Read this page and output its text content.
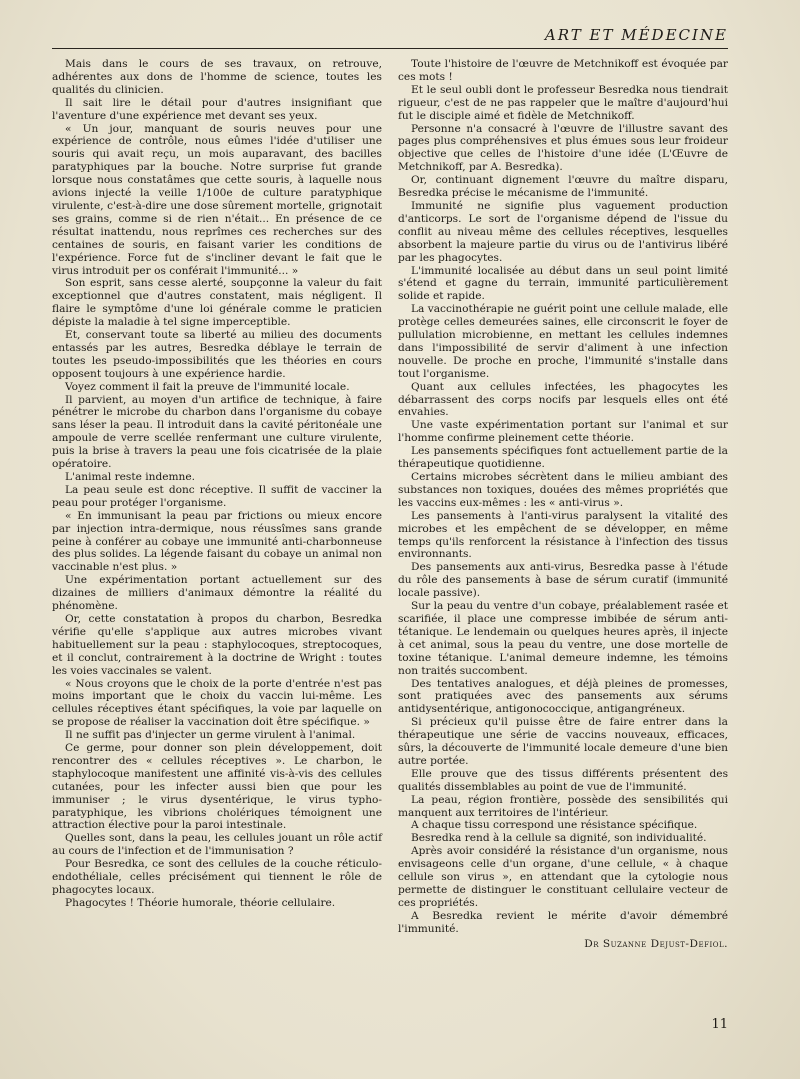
ART ET MÉDECINE

Mais dans le cours de ses travaux, on retrouve, adhérentes aux dons de l'homme de science, toutes les qualités du clinicien.

Il sait lire le détail pour d'autres insignifiant que l'aventure d'une expérience met devant ses yeux.

« Un jour, manquant de souris neuves pour une expérience de contrôle, nous eûmes l'idée d'utiliser une souris qui avait reçu, un mois auparavant, des bacilles paratyphiques par la bouche. Notre surprise fut grande lorsque nous constatâmes que cette souris, à laquelle nous avions injecté la veille 1/100e de culture paratyphique virulente, c'est-à-dire une dose sûrement mortelle, grignotait ses grains, comme si de rien n'était... En présence de ce résultat inattendu, nous reprîmes ces recherches sur des centaines de souris, en faisant varier les conditions de l'expérience. Force fut de s'incliner devant le fait que le virus introduit per os conférait l'immunité... »

Son esprit, sans cesse alerté, soupçonne la valeur du fait exceptionnel que d'autres constatent, mais négligent. Il flaire le symptôme d'une loi générale comme le praticien dépiste la maladie à tel signe imperceptible.

Et, conservant toute sa liberté au milieu des documents entassés par les autres, Besredka déblaye le terrain de toutes les pseudo-impossibilités que les théories en cours opposent toujours à une expérience hardie.

Voyez comment il fait la preuve de l'immunité locale.

Il parvient, au moyen d'un artifice de technique, à faire pénétrer le microbe du charbon dans l'organisme du cobaye sans léser la peau. Il introduit dans la cavité péritonéale une ampoule de verre scellée renfermant une culture virulente, puis la brise à travers la peau une fois cicatrisée de la plaie opératoire.

L'animal reste indemne.

La peau seule est donc réceptive. Il suffit de vacciner la peau pour protéger l'organisme.

« En immunisant la peau par frictions ou mieux encore par injection intra-dermique, nous réussîmes sans grande peine à conférer au cobaye une immunité anti-charbonneuse des plus solides. La légende faisant du cobaye un animal non vaccinable n'est plus. »

Une expérimentation portant actuellement sur des dizaines de milliers d'animaux démontre la réalité du phénomène.

Or, cette constatation à propos du charbon, Besredka vérifie qu'elle s'applique aux autres microbes vivant habituellement sur la peau : staphylocoques, streptocoques, et il conclut, contrairement à la doctrine de Wright : toutes les voies vaccinales se valent.

« Nous croyons que le choix de la porte d'entrée n'est pas moins important que le choix du vaccin lui-même. Les cellules réceptives étant spécifiques, la voie par laquelle on se propose de réaliser la vaccination doit être spécifique. »

Il ne suffit pas d'injecter un germe virulent à l'animal.

Ce germe, pour donner son plein développement, doit rencontrer des « cellules réceptives ». Le charbon, le staphylocoque manifestent une affinité vis-à-vis des cellules cutanées, pour les infecter aussi bien que pour les immuniser ; le virus dysentérique, le virus typho-paratyphique, les vibrions cholériques témoignent une attraction élective pour la paroi intestinale.

Quelles sont, dans la peau, les cellules jouant un rôle actif au cours de l'infection et de l'immunisation ?

Pour Besredka, ce sont des cellules de la couche réticulo-endothéliale, celles précisément qui tiennent le rôle de phagocytes locaux.

Phagocytes ! Théorie humorale, théorie cellulaire.

Toute l'histoire de l'œuvre de Metchnikoff est évoquée par ces mots !

Et le seul oubli dont le professeur Besredka nous tiendrait rigueur, c'est de ne pas rappeler que le maître d'aujourd'hui fut le disciple aimé et fidèle de Metchnikoff.

Personne n'a consacré à l'œuvre de l'illustre savant des pages plus compréhensives et plus émues sous leur froideur objective que celles de l'histoire d'une idée (L'Œuvre de Metchnikoff, par A. Besredka).

Or, continuant dignement l'œuvre du maître disparu, Besredka précise le mécanisme de l'immunité.

Immunité ne signifie plus vaguement production d'anticorps. Le sort de l'organisme dépend de l'issue du conflit au niveau même des cellules réceptives, lesquelles absorbent la majeure partie du virus ou de l'antivirus libéré par les phagocytes.

L'immunité localisée au début dans un seul point limité s'étend et gagne du terrain, immunité particulièrement solide et rapide.

La vaccinothérapie ne guérit point une cellule malade, elle protège celles demeurées saines, elle circonscrit le foyer de pullulation microbienne, en mettant les cellules indemnes dans l'impossibilité de servir d'aliment à une infection nouvelle. De proche en proche, l'immunité s'installe dans tout l'organisme.

Quant aux cellules infectées, les phagocytes les débarrassent des corps nocifs par lesquels elles ont été envahies.

Une vaste expérimentation portant sur l'animal et sur l'homme confirme pleinement cette théorie.

Les pansements spécifiques font actuellement partie de la thérapeutique quotidienne.

Certains microbes sécrètent dans le milieu ambiant des substances non toxiques, douées des mêmes propriétés que les vaccins eux-mêmes : les « anti-virus ».

Les pansements à l'anti-virus paralysent la vitalité des microbes et les empêchent de se développer, en même temps qu'ils renforcent la résistance à l'infection des tissus environnants.

Des pansements aux anti-virus, Besredka passe à l'étude du rôle des pansements à base de sérum curatif (immunité locale passive).

Sur la peau du ventre d'un cobaye, préalablement rasée et scarifiée, il place une compresse imbibée de sérum anti-tétanique. Le lendemain ou quelques heures après, il injecte à cet animal, sous la peau du ventre, une dose mortelle de toxine tétanique. L'animal demeure indemne, les témoins non traités succombent.

Des tentatives analogues, et déjà pleines de promesses, sont pratiquées avec des pansements aux sérums antidysentérique, antigonococcique, antigangréneux.

Si précieux qu'il puisse être de faire entrer dans la thérapeutique une série de vaccins nouveaux, efficaces, sûrs, la découverte de l'immunité locale demeure d'une bien autre portée.

Elle prouve que des tissus différents présentent des qualités dissemblables au point de vue de l'immunité.

La peau, région frontière, possède des sensibilités qui manquent aux territoires de l'intérieur.

A chaque tissu correspond une résistance spécifique.

Besredka rend à la cellule sa dignité, son individualité.

Après avoir considéré la résistance d'un organisme, nous envisageons celle d'un organe, d'une cellule, « à chaque cellule son virus », en attendant que la cytologie nous permette de distinguer le constituant cellulaire vecteur de ces propriétés.

A Besredka revient le mérite d'avoir démembré l'immunité.

Dr Suzanne Dejust-Defiol.

11
